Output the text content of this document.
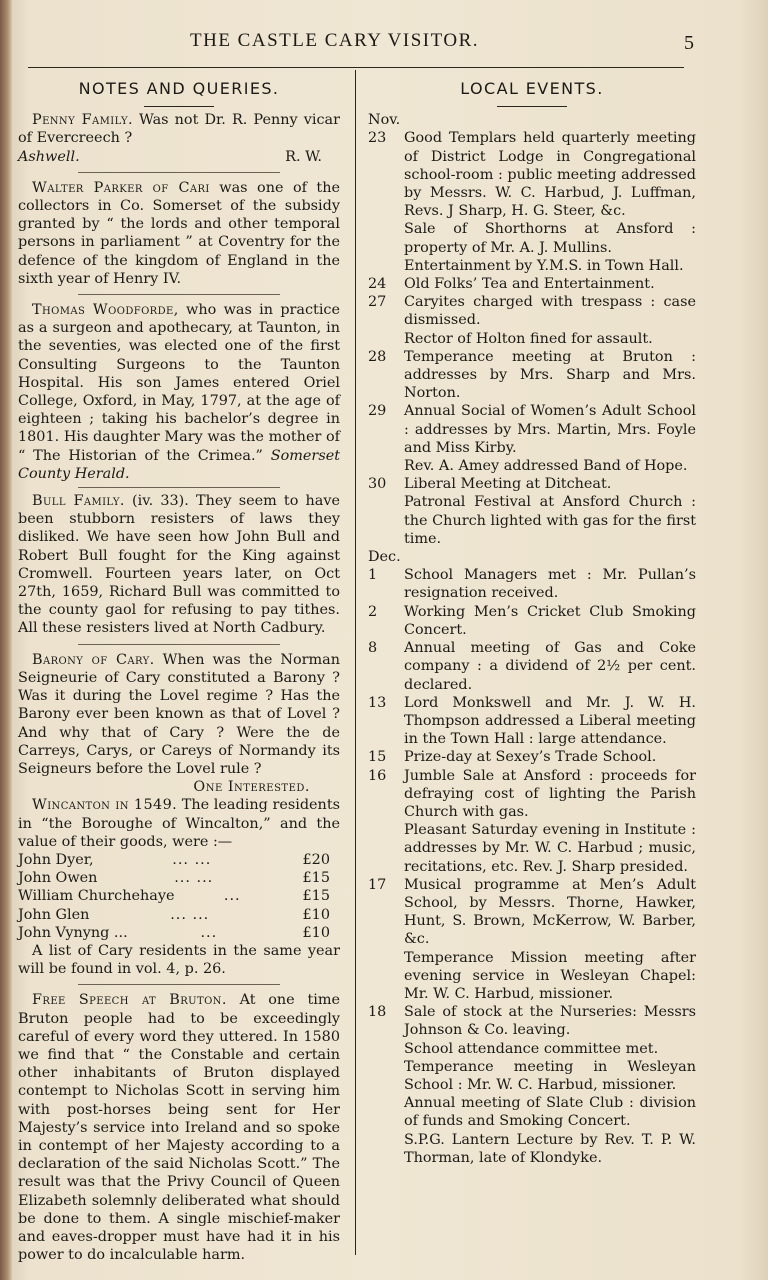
THE CASTLE CARY VISITOR.	5
NOTES AND QUERIES.

Penny Family. Was not Dr. R. Penny vicar of Evercreech ?

Ashwell.	R. W.

Walter Parker of Cari was one of the collectors in Co. Somerset of the subsidy granted by “ the lords and other temporal persons in parliament ” at Coventry for the defence of the kingdom of England in the sixth year of Henry IV.

Thomas Woodforde, who was in practice as a surgeon and apothecary, at Taunton, in the seventies, was elected one of the first Consulting Surgeons to the Taunton Hospital. His son James entered Oriel College, Oxford, in May, 1797, at the age of eighteen ; taking his bachelor’s degree in 1801. His daughter Mary was the mother of “ The Historian of the Crimea.” Somerset County Herald.

Bull Family. (iv. 33). They seem to have been stubborn resisters of laws they disliked. We have seen how John Bull and Robert Bull fought for the King against Cromwell. Fourteen years later, on Oct 27th, 1659, Richard Bull was committed to the county gaol for refusing to pay tithes. All these resisters lived at North Cadbury.

Barony of Cary. When was the Norman Seigneurie of Cary constituted a Barony ? Was it during the Lovel regime ? Has the Barony ever been known as that of Lovel ? And why that of Cary ? Were the de Carreys, Carys, or Careys of Normandy its Seigneurs before the Lovel rule ?

One Interested.

Wincanton in 1549. The leading residents in “the Boroughe of Wincalton,” and the value of their goods, were :—

John Dyer,	... ...	£20
John Owen	... ...	£15
William Churchehaye	...	£15
John Glen	... ...	£10
John Vynyng ...	...	£10

A list of Cary residents in the same year will be found in vol. 4, p. 26.

Free Speech at Bruton. At one time Bruton people had to be exceedingly careful of every word they uttered. In 1580 we find that “ the Constable and certain other inhabitants of Bruton displayed contempt to Nicholas Scott in serving him with post-horses being sent for Her Majesty’s service into Ireland and so spoke in contempt of her Majesty according to a declaration of the said Nicholas Scott.” The result was that the Privy Council of Queen Elizabeth solemnly deliberated what should be done to them. A single mischief-maker and eaves-dropper must have had it in his power to do incalculable harm.

LOCAL EVENTS.
Nov.
23	Good Templars held quarterly meeting of District Lodge in Congregational school-room : public meeting addressed by Messrs. W. C. Harbud, J. Luffman, Revs. J Sharp, H. G. Steer, &c.
Sale of Shorthorns at Ansford : property of Mr. A. J. Mullins.
Entertainment by Y.M.S. in Town Hall.
24	Old Folks’ Tea and Entertainment.
27	Caryites charged with trespass : case dismissed.
Rector of Holton fined for assault.
28	Temperance meeting at Bruton : addresses by Mrs. Sharp and Mrs. Norton.
29	Annual Social of Women’s Adult School : addresses by Mrs. Martin, Mrs. Foyle and Miss Kirby.
Rev. A. Amey addressed Band of Hope.
30	Liberal Meeting at Ditcheat.
Patronal Festival at Ansford Church : the Church lighted with gas for the first time.
Dec.
1	School Managers met : Mr. Pullan’s resignation received.
2	Working Men’s Cricket Club Smoking Concert.
8	Annual meeting of Gas and Coke company : a dividend of 2½ per cent. declared.
13	Lord Monkswell and Mr. J. W. H. Thompson addressed a Liberal meeting in the Town Hall : large attendance.
15	Prize-day at Sexey’s Trade School.
16	Jumble Sale at Ansford : proceeds for defraying cost of lighting the Parish Church with gas.
Pleasant Saturday evening in Institute : addresses by Mr. W. C. Harbud ; music, recitations, etc. Rev. J. Sharp presided.
17	Musical programme at Men’s Adult School, by Messrs. Thorne, Hawker, Hunt, S. Brown, McKerrow, W. Barber, &c.
Temperance Mission meeting after evening service in Wesleyan Chapel: Mr. W. C. Harbud, missioner.
18	Sale of stock at the Nurseries: Messrs Johnson & Co. leaving.
School attendance committee met.
Temperance meeting in Wesleyan School : Mr. W. C. Harbud, missioner.
Annual meeting of Slate Club : division of funds and Smoking Concert.
S.P.G. Lantern Lecture by Rev. T. P. W. Thorman, late of Klondyke.
